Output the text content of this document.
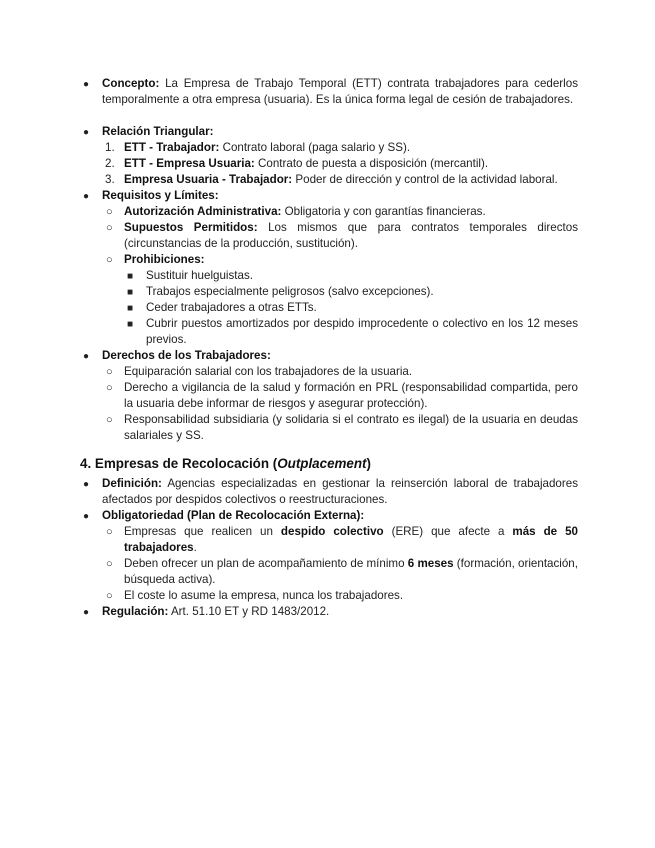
● Concepto: La Empresa de Trabajo Temporal (ETT) contrata trabajadores para cederlos temporalmente a otra empresa (usuaria). Es la única forma legal de cesión de trabajadores.
● Relación Triangular:
1. ETT - Trabajador: Contrato laboral (paga salario y SS).
2. ETT - Empresa Usuaria: Contrato de puesta a disposición (mercantil).
3. Empresa Usuaria - Trabajador: Poder de dirección y control de la actividad laboral.
● Requisitos y Límites:
○ Autorización Administrativa: Obligatoria y con garantías financieras.
○ Supuestos Permitidos: Los mismos que para contratos temporales directos (circunstancias de la producción, sustitución).
○ Prohibiciones:
■ Sustituir huelguistas.
■ Trabajos especialmente peligrosos (salvo excepciones).
■ Ceder trabajadores a otras ETTs.
■ Cubrir puestos amortizados por despido improcedente o colectivo en los 12 meses previos.
● Derechos de los Trabajadores:
○ Equiparación salarial con los trabajadores de la usuaria.
○ Derecho a vigilancia de la salud y formación en PRL (responsabilidad compartida, pero la usuaria debe informar de riesgos y asegurar protección).
○ Responsabilidad subsidiaria (y solidaria si el contrato es ilegal) de la usuaria en deudas salariales y SS.
4. Empresas de Recolocación (Outplacement)
● Definición: Agencias especializadas en gestionar la reinserción laboral de trabajadores afectados por despidos colectivos o reestructuraciones.
● Obligatoriedad (Plan de Recolocación Externa):
○ Empresas que realicen un despido colectivo (ERE) que afecte a más de 50 trabajadores.
○ Deben ofrecer un plan de acompañamiento de mínimo 6 meses (formación, orientación, búsqueda activa).
○ El coste lo asume la empresa, nunca los trabajadores.
● Regulación: Art. 51.10 ET y RD 1483/2012.
